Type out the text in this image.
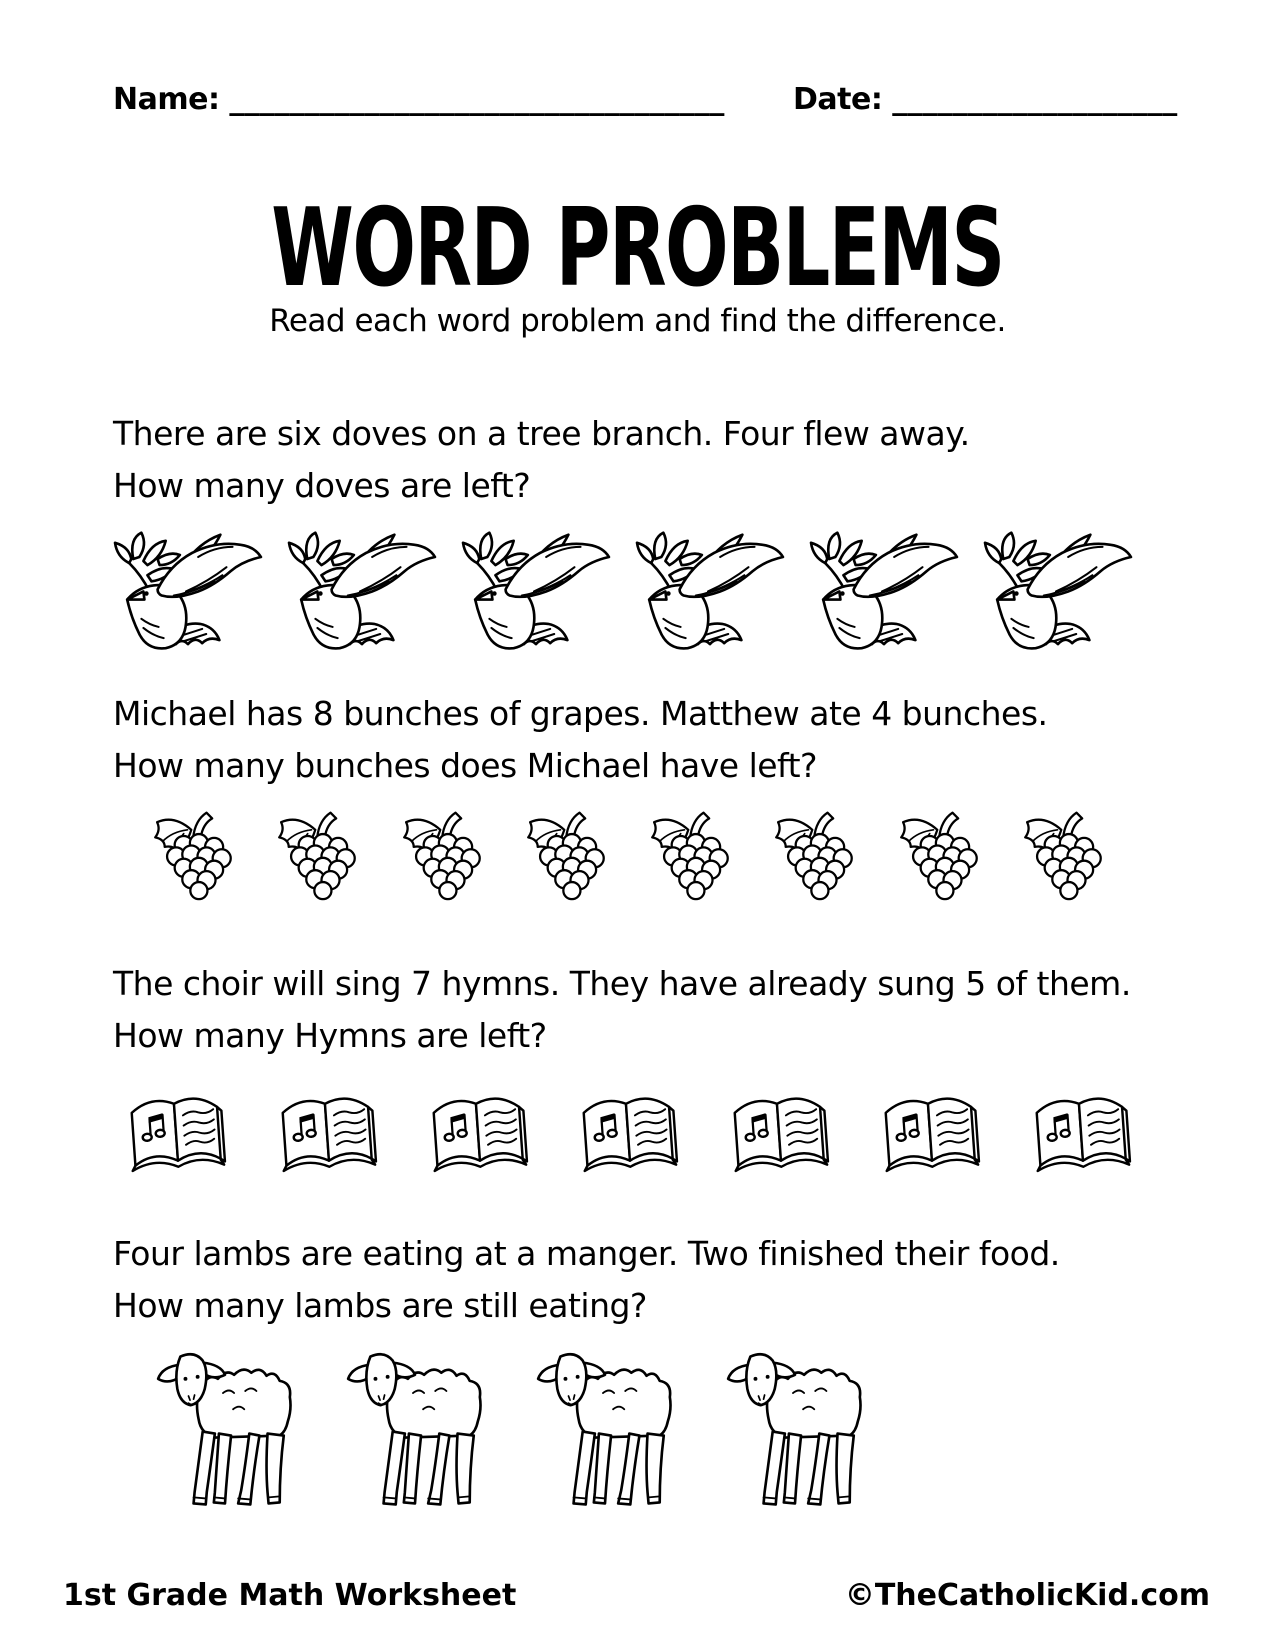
Name: _________________________________ Date: ___________________
WORD PROBLEMS

Read each word problem and find the difference.

There are six doves on a tree branch. Four flew away.
How many doves are left?

Michael has 8 bunches of grapes. Matthew ate 4 bunches.
How many bunches does Michael have left?

The choir will sing 7 hymns. They have already sung 5 of them.
How many Hymns are left?

Four lambs are eating at a manger. Two finished their food.
How many lambs are still eating?

1st Grade Math Worksheet	©TheCatholicKid.com
